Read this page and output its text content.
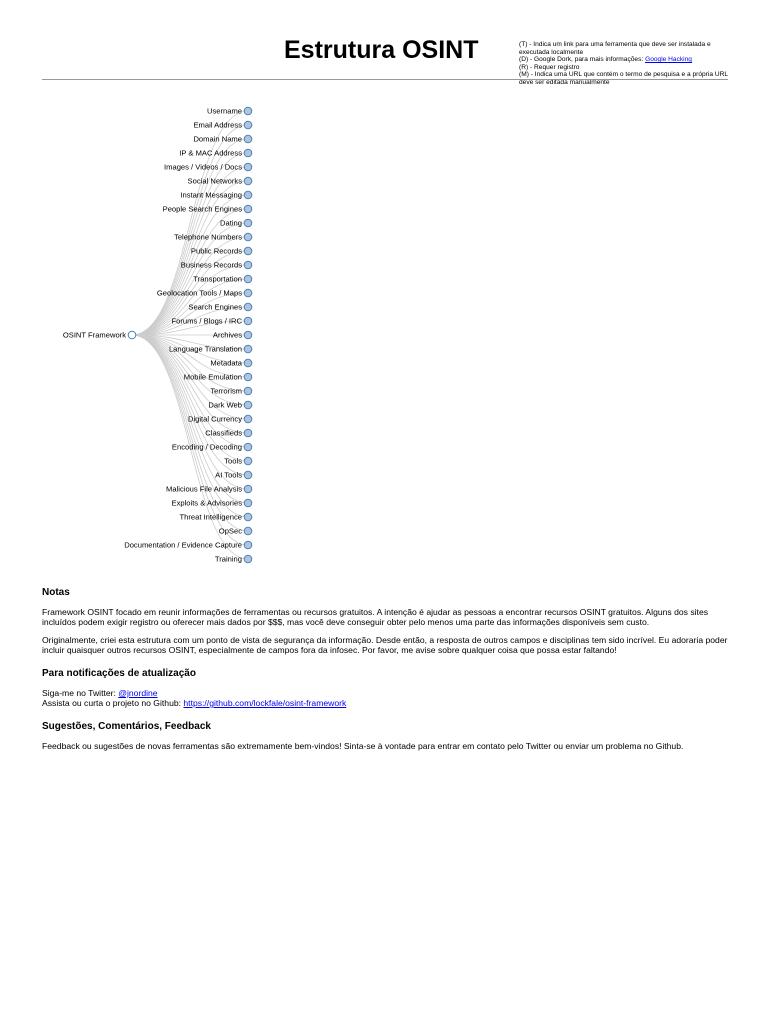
Estrutura OSINT	(T) - Indica um link para uma ferramenta que deve ser instalada e executada localmente
(D) - Google Dork, para mais informações: Google Hacking
(R) - Requer registro
(M) - Indica uma URL que contém o termo de pesquisa e a própria URL deve ser editada manualmente
Username
Email Address
Domain Name
IP & MAC Address
Images / Videos / Docs
Social Networks
Instant Messaging
People Search Engines
Dating
Telephone Numbers
Public Records
Business Records
Transportation
Geolocation Tools / Maps
Search Engines
Forums / Blogs / IRC
Archives
Language Translation
Metadata
Mobile Emulation
Terrorism
Dark Web
Digital Currency
Classifieds
Encoding / Decoding
Tools
AI Tools
Malicious File Analysis
Exploits & Advisories
Threat Intelligence
OpSec
Documentation / Evidence Capture
Training
OSINT Framework
Notas

Framework OSINT focado em reunir informações de ferramentas ou recursos gratuitos. A intenção é ajudar as pessoas a encontrar recursos OSINT gratuitos. Alguns dos sites incluídos podem exigir registro ou oferecer mais dados por $$$, mas você deve conseguir obter pelo menos uma parte das informações disponíveis sem custo.

Originalmente, criei esta estrutura com um ponto de vista de segurança da informação. Desde então, a resposta de outros campos e disciplinas tem sido incrível. Eu adoraria poder incluir quaisquer outros recursos OSINT, especialmente de campos fora da infosec. Por favor, me avise sobre qualquer coisa que possa estar faltando!

Para notificações de atualização

Siga-me no Twitter: @jnordine
Assista ou curta o projeto no Github: https://github.com/lockfale/osint-framework

Sugestões, Comentários, Feedback

Feedback ou sugestões de novas ferramentas são extremamente bem-vindos! Sinta-se à vontade para entrar em contato pelo Twitter ou enviar um problema no Github.
